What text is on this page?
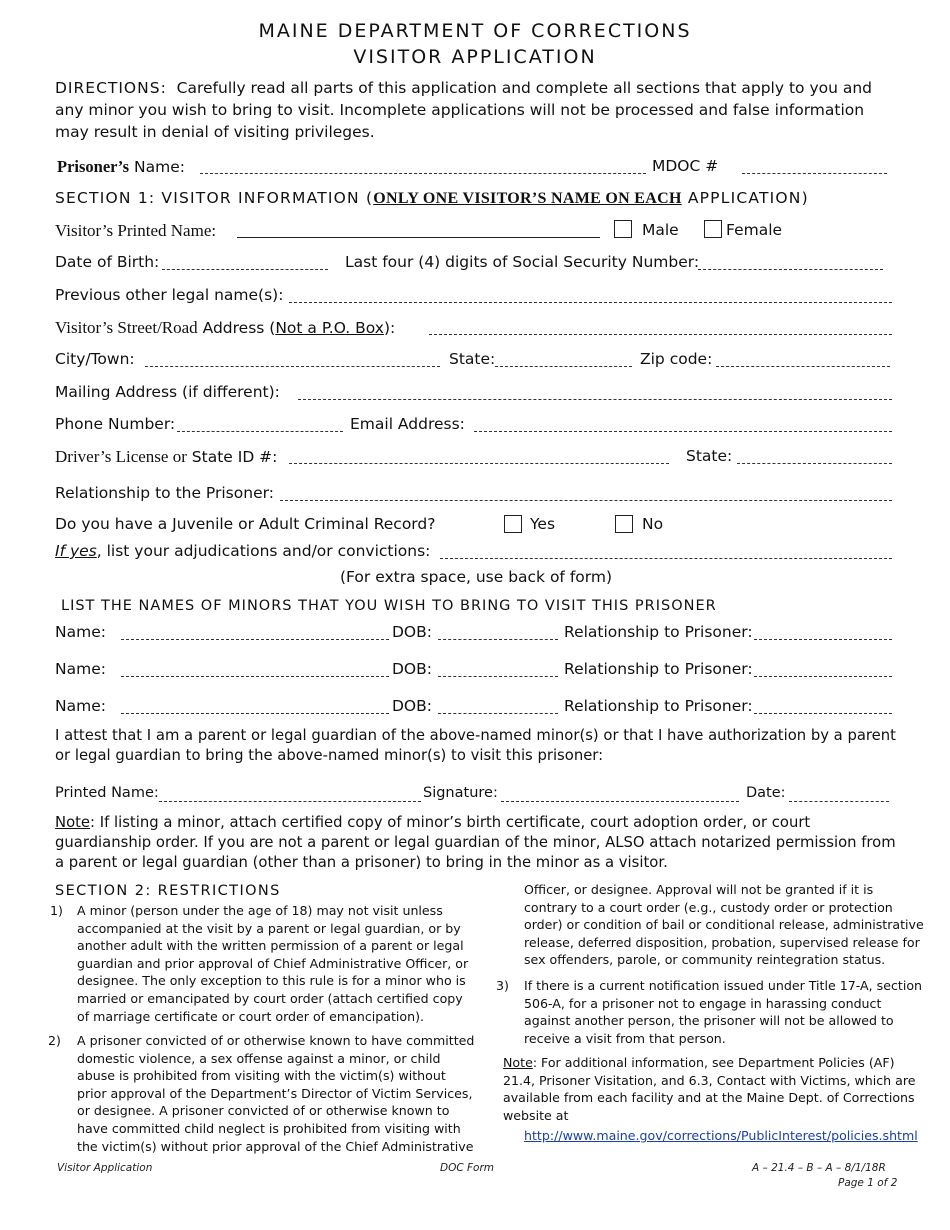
MAINE DEPARTMENT OF CORRECTIONS
VISITOR APPLICATION
DIRECTIONS: Carefully read all parts of this application and complete all sections that apply to you and any minor you wish to bring to visit. Incomplete applications will not be processed and false information may result in denial of visiting privileges.
Prisoner’s Name:	MDOC #
SECTION 1: VISITOR INFORMATION (ONLY ONE VISITOR’S NAME ON EACH APPLICATION)
Visitor’s Printed Name:	Male	Female
Date of Birth:	Last four (4) digits of Social Security Number:
Previous other legal name(s):
Visitor’s Street/Road Address (Not a P.O. Box):
City/Town:	State:	Zip code:
Mailing Address (if different):
Phone Number:	Email Address:
Driver’s License or State ID #:	State:
Relationship to the Prisoner:
Do you have a Juvenile or Adult Criminal Record?	Yes	No
If yes, list your adjudications and/or convictions:
(For extra space, use back of form)
LIST THE NAMES OF MINORS THAT YOU WISH TO BRING TO VISIT THIS PRISONER
Name:	DOB:	Relationship to Prisoner:
Name:	DOB:	Relationship to Prisoner:
Name:	DOB:	Relationship to Prisoner:
I attest that I am a parent or legal guardian of the above-named minor(s) or that I have authorization by a parent or legal guardian to bring the above-named minor(s) to visit this prisoner:
Printed Name:	Signature:	Date:
Note: If listing a minor, attach certified copy of minor’s birth certificate, court adoption order, or court guardianship order. If you are not a parent or legal guardian of the minor, ALSO attach notarized permission from a parent or legal guardian (other than a prisoner) to bring in the minor as a visitor.
SECTION 2: RESTRICTIONS
1)	A minor (person under the age of 18) may not visit unless accompanied at the visit by a parent or legal guardian, or by another adult with the written permission of a parent or legal guardian and prior approval of Chief Administrative Officer, or designee. The only exception to this rule is for a minor who is married or emancipated by court order (attach certified copy of marriage certificate or court order of emancipation).
2)	A prisoner convicted of or otherwise known to have committed domestic violence, a sex offense against a minor, or child abuse is prohibited from visiting with the victim(s) without prior approval of the Department’s Director of Victim Services, or designee. A prisoner convicted of or otherwise known to have committed child neglect is prohibited from visiting with the victim(s) without prior approval of the Chief Administrative
Officer, or designee. Approval will not be granted if it is contrary to a court order (e.g., custody order or protection order) or condition of bail or conditional release, administrative release, deferred disposition, probation, supervised release for sex offenders, parole, or community reintegration status.
3)	If there is a current notification issued under Title 17-A, section 506-A, for a prisoner not to engage in harassing conduct against another person, the prisoner will not be allowed to receive a visit from that person.
Note: For additional information, see Department Policies (AF) 21.4, Prisoner Visitation, and 6.3, Contact with Victims, which are available from each facility and at the Maine Dept. of Corrections website at
http://www.maine.gov/corrections/PublicInterest/policies.shtml
Visitor Application	DOC Form	A – 21.4 – B – A – 8/1/18R
Page 1 of 2
